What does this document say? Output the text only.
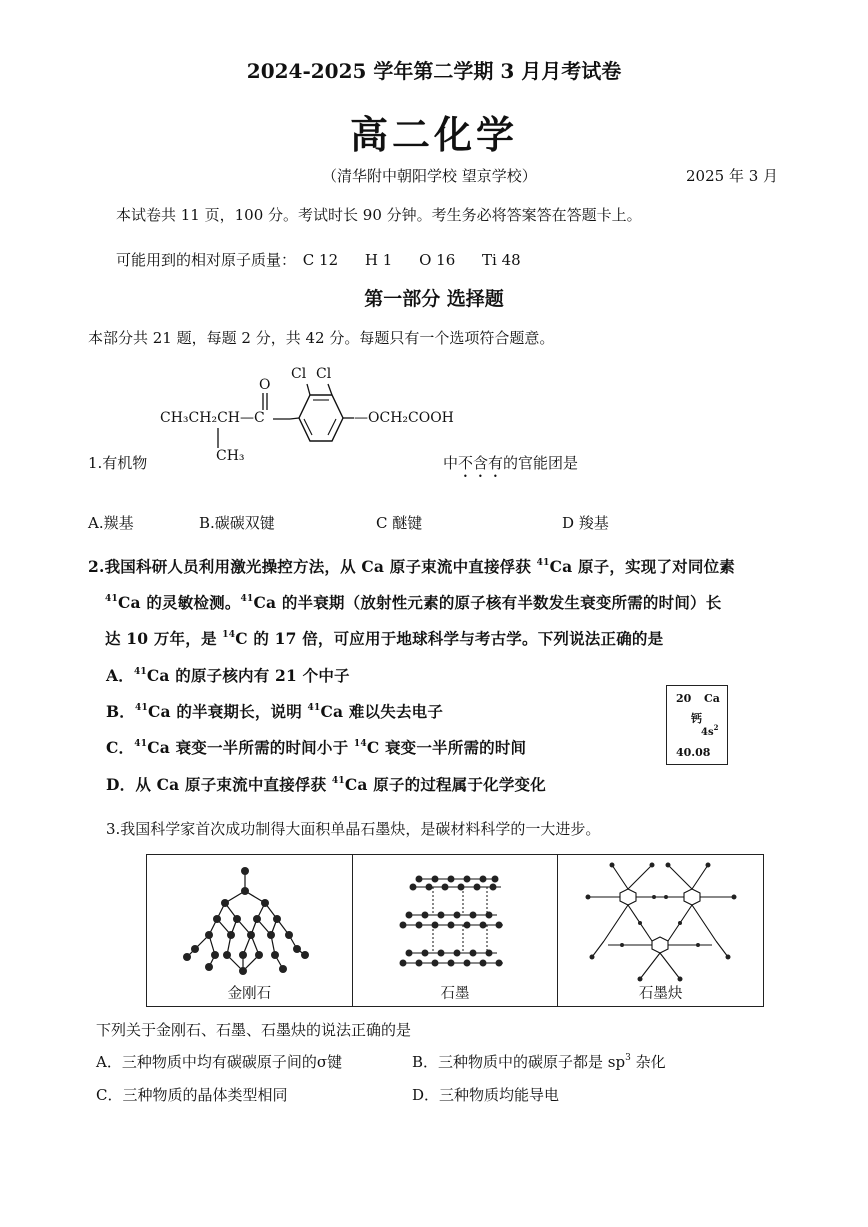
2024-2025 学年第二学期 3 月月考试卷
高二化学
（清华附中朝阳学校 望京学校）	2025 年 3 月
本试卷共 11 页，100 分。考试时长 90 分钟。考生务必将答案答在答题卡上。
可能用到的相对原子质量： C 12 H 1 O 16 Ti 48
第一部分 选择题
本部分共 21 题，每题 2 分，共 42 分。每题只有一个选项符合题意。
Cl Cl
O
CH₃CH₂CH—C
CH₃
—OCH₂COOH
1.有机物	中不含有的官能团是
A.羰基	B.碳碳双键	C 醚键	D 羧基
2.我国科研人员利用激光操控方法，从 Ca 原子束流中直接俘获 $^{41}$Ca 原子，实现了对同位素
$^{41}$Ca 的灵敏检测。$^{41}$Ca 的半衰期（放射性元素的原子核有半数发生衰变所需的时间）长
达 10 万年，是 $^{14}$C 的 17 倍，可应用于地球科学与考古学。下列说法正确的是
A．$^{41}$Ca 的原子核内有 21 个中子
B．$^{41}$Ca 的半衰期长，说明 $^{41}$Ca 难以失去电子
C．$^{41}$Ca 衰变一半所需的时间小于 $^{14}$C 衰变一半所需的时间
D．从 Ca 原子束流中直接俘获 $^{41}$Ca 原子的过程属于化学变化
20 Ca
钙
$4s^2$
40.08
3.我国科学家首次成功制得大面积单晶石墨炔，是碳材料科学的一大进步。
金刚石	石墨	石墨炔
下列关于金刚石、石墨、石墨炔的说法正确的是
A．三种物质中均有碳碳原子间的σ键	B．三种物质中的碳原子都是 $sp^3$ 杂化
C．三种物质的晶体类型相同	D．三种物质均能导电
